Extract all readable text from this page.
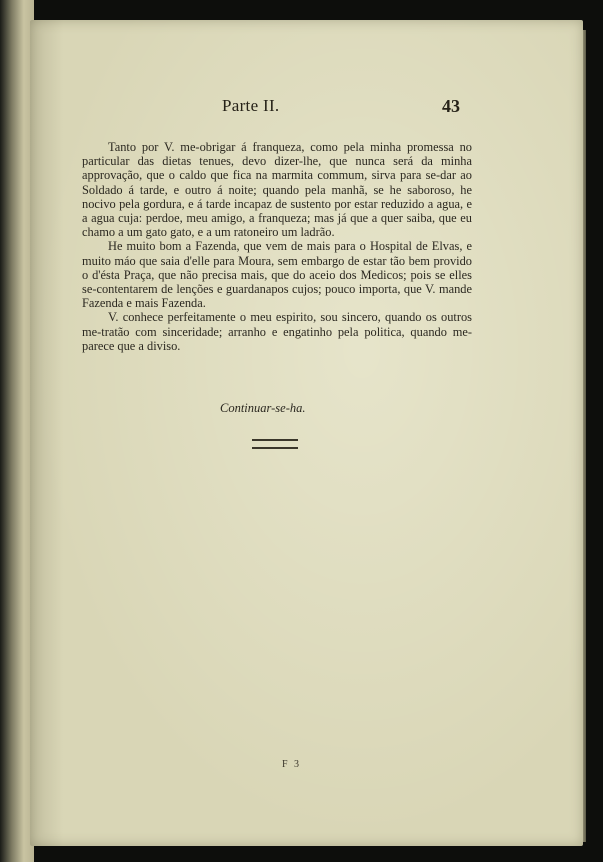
Parte II.	43

Tanto por V. me-obrigar á franqueza, como pela minha promessa no particular das dietas tenues, devo dizer-lhe, que nunca será da minha approvação, que o caldo que fica na marmita commum, sirva para se-dar ao Soldado á tarde, e outro á noite; quando pela manhã, se he saboroso, he nocivo pela gordura, e á tarde incapaz de sustento por estar reduzido a agua, e a agua cuja: perdoe, meu amigo, a franqueza; mas já que a quer saiba, que eu chamo a um gato gato, e a um ratoneiro um ladrão.

He muito bom a Fazenda, que vem de mais para o Hospital de Elvas, e muito máo que saia d'elle para Moura, sem embargo de estar tão bem provido o d'ésta Praça, que não precisa mais, que do aceio dos Medicos; pois se elles se-contentarem de lenções e guardanapos cujos; pouco importa, que V. mande Fazenda e mais Fazenda.

V. conhece perfeitamente o meu espirito, sou sincero, quando os outros me-tratão com sinceridade; arranho e engatinho pela politica, quando me-parece que a diviso.

Continuar-se-ha.
F 3
